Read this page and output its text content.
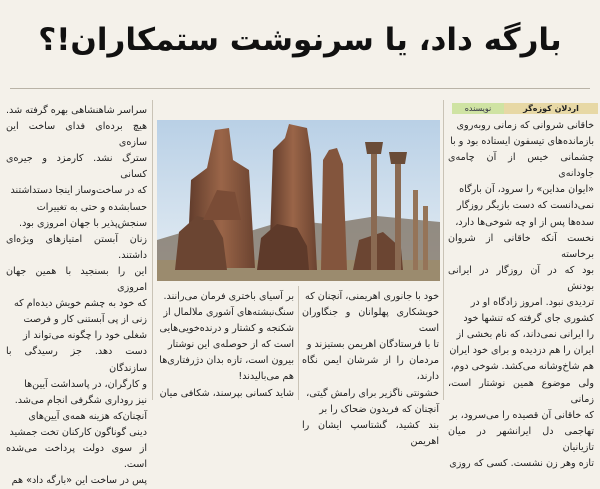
بارگه داد، یا سرنوشت ستمکاران!؟
اردلان کوزه‌گر
نویسنده

خاقانی شروانی که زمانی روبه‌روی

بازمانده‌های تیسفون ایستاده بود و با

چشمانی خیس از آن چامه‌ی جاودانه‌ی

«ایوان مداین» را سرود، آن بارگاه

نمی‌دانست که دست بازیگر روزگار

سده‌ها پس از او چه شوخی‌ها دارد،

نخست آنکه خاقانی از شروان برخاسته

بود که در آن روزگار در ایرانی بودنش

تردیدی نبود. امروز زادگاه او در

کشوری جای گرفته که تنشها خود

را ایرانی نمی‌داند، که نام بخشی از

ایران را هم دزدیده و برای خود ایران

هم شاخ‌وشانه می‌کشد. شوخی دوم،

ولی موضوع همین نوشتار است، زمانی

که خاقانی آن قصیده را می‌سرود، بر

تهاجمی دل ایرانشهر در میان تازیانیان

تازه وهر زن نشست. کسی که روزی

بر آسیای باختری فرمان می‌رانند.

سنگ‌نبشته‌های آشوری ملالمال از

شکنجه و کشتار و درنده‌خویی‌هایی

است که از حوصله‌ی این نوشتار

بیرون است، تازه بدان دژرفتاری‌ها

هم می‌بالیدند!

شاید کسانی بپرسند، شکافی میان

خود با جانوری اهریمنی، آنچنان که

خویشکاری پهلوانان و جنگاوران است

تا با فرستادگان اهریمن بستیزند و

مردمان را از شرشان ایمن نگاه دارند،

خشونتی ناگزیر برای رامش گیتی،

آنچنان که فریدون ضحاک را بر

بند کشید، گشتاسپ ایشان را اهریمن

سراسر شاهنشاهی بهره گرفته شد.

هیچ برده‌ای فدای ساخت این سازه‌ی

سترگ نشد. کارمزد و جیره‌ی کسانی

که در ساخت‌وساز اینجا دستداشتند

حسابشده و حتی به تغییرات

سنجش‌پذیر با جهان امروزی بود.

زنان آبستن امتیازهای ویژه‌ای داشتند.

این را بسنجید با همین جهان امروزی

که خود به چشم خویش دیده‌ام که

زنی از پی آبستنی کار و فرصت

شغلی خود را چگونه می‌تواند از

دست دهد. جز رسیدگی با سازندگان

و کارگران، در پاسداشت آیین‌ها

نیز روداری شگرفی انجام می‌شد.

آنچنان‌که هزینه همه‌ی آیین‌های

دینی گوناگون کارکنان تخت جمشید

از سوی دولت پرداخت می‌شده است.

پس در ساخت این «بارگه داد» هم
